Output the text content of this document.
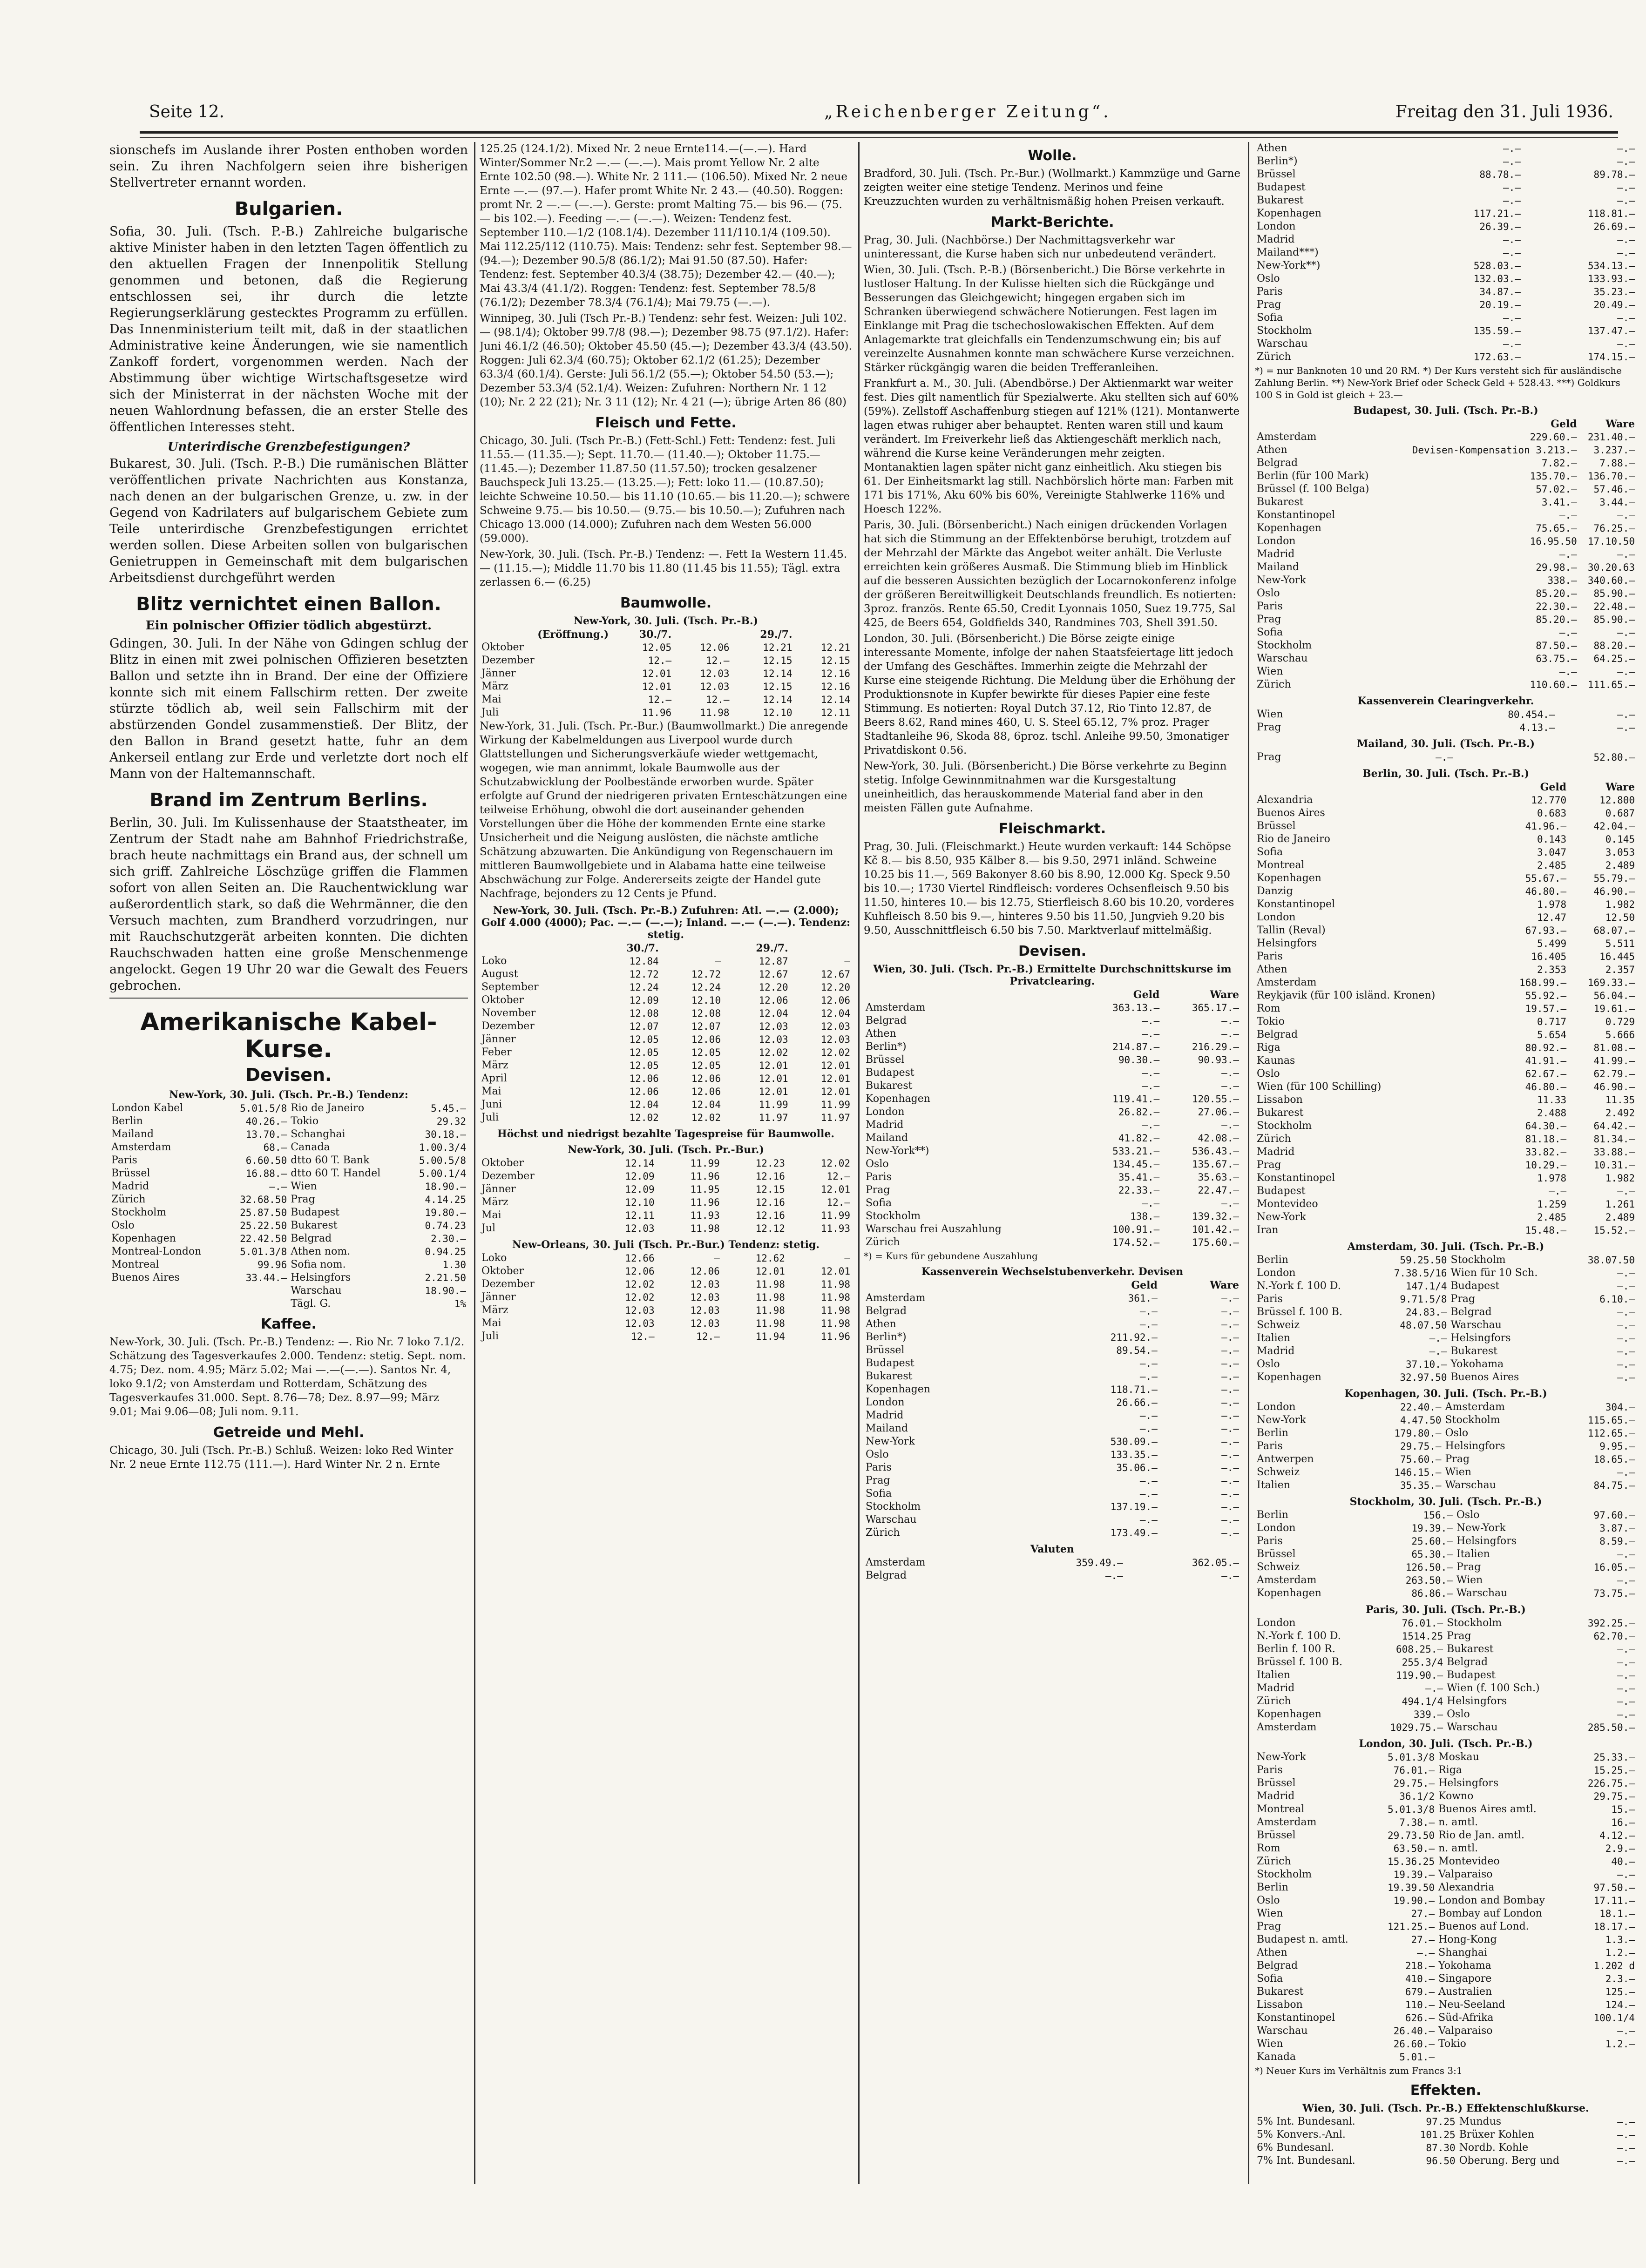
Seite 12.	„Reichenberger Zeitung“.	Freitag den 31. Juli 1936.

sionschefs im Auslande ihrer Posten enthoben worden sein. Zu ihren Nachfolgern seien ihre bisherigen Stellvertreter ernannt worden.

Bulgarien.

Sofia, 30. Juli. (Tsch. P.-B.) Zahlreiche bulgarische aktive Minister haben in den letzten Tagen öffentlich zu den aktuellen Fragen der Innenpolitik Stellung genommen und betonen, daß die Regierung entschlossen sei, ihr durch die letzte Regierungserklärung gestecktes Programm zu erfüllen. Das Innenministerium teilt mit, daß in der staatlichen Administrative keine Änderungen, wie sie namentlich Zankoff fordert, vorgenommen werden. Nach der Abstimmung über wichtige Wirtschaftsgesetze wird sich der Ministerrat in der nächsten Woche mit der neuen Wahlordnung befassen, die an erster Stelle des öffentlichen Interesses steht.

Unterirdische Grenzbefestigungen?

Bukarest, 30. Juli. (Tsch. P.-B.) Die rumänischen Blätter veröffentlichen private Nachrichten aus Konstanza, nach denen an der bulgarischen Grenze, u. zw. in der Gegend von Kadrilaters auf bulgarischem Gebiete zum Teile unterirdische Grenzbefestigungen errichtet werden sollen. Diese Arbeiten sollen von bulgarischen Genietruppen in Gemeinschaft mit dem bulgarischen Arbeitsdienst durchgeführt werden

Blitz vernichtet einen Ballon.
Ein polnischer Offizier tödlich abgestürzt.

Gdingen, 30. Juli. In der Nähe von Gdingen schlug der Blitz in einen mit zwei polnischen Offizieren besetzten Ballon und setzte ihn in Brand. Der eine der Offiziere konnte sich mit einem Fallschirm retten. Der zweite stürzte tödlich ab, weil sein Fallschirm mit der abstürzenden Gondel zusammenstieß. Der Blitz, der den Ballon in Brand gesetzt hatte, fuhr an dem Ankerseil entlang zur Erde und verletzte dort noch elf Mann von der Haltemannschaft.

Brand im Zentrum Berlins.

Berlin, 30. Juli. Im Kulissenhause der Staatstheater, im Zentrum der Stadt nahe am Bahnhof Friedrichstraße, brach heute nachmittags ein Brand aus, der schnell um sich griff. Zahlreiche Löschzüge griffen die Flammen sofort von allen Seiten an. Die Rauchentwicklung war außerordentlich stark, so daß die Wehrmänner, die den Versuch machten, zum Brandherd vorzudringen, nur mit Rauchschutzgerät arbeiten konnten. Die dichten Rauchschwaden hatten eine große Menschenmenge angelockt. Gegen 19 Uhr 20 war die Gewalt des Feuers gebrochen.

Amerikanische Kabel-Kurse.
Devisen.
New-York, 30. Juli. (Tsch. Pr.-B.) Tendenz:
London Kabel	5.01.5/8	Rio de Janeiro	5.45.—
Berlin	40.26.—	Tokio	29.32
Mailand	13.70.—	Schanghai	30.18.—
Amsterdam	68.—	Canada	1.00.3/4
Paris	6.60.50	dtto 60 T. Bank	5.00.5/8
Brüssel	16.88.—	dtto 60 T. Handel	5.00.1/4
Madrid	—.—	Wien	18.90.—
Zürich	32.68.50	Prag	4.14.25
Stockholm	25.87.50	Budapest	19.80.—
Oslo	25.22.50	Bukarest	0.74.23
Kopenhagen	22.42.50	Belgrad	2.30.—
Montreal-London	5.01.3/8	Athen nom.	0.94.25
Montreal	99.96	Sofia nom.	1.30
Buenos Aires	33.44.—	Helsingfors	2.21.50
		Warschau	18.90.—
		Tägl. G.	1%
Kaffee.

New-York, 30. Juli. (Tsch. Pr.-B.) Tendenz: —. Rio Nr. 7 loko 7.1/2. Schätzung des Tagesverkaufes 2.000. Tendenz: stetig. Sept. nom. 4.75; Dez. nom. 4.95; März 5.02; Mai —.—(—.—). Santos Nr. 4, loko 9.1/2; von Amsterdam und Rotterdam, Schätzung des Tagesverkaufes 31.000. Sept. 8.76—78; Dez. 8.97—99; März 9.01; Mai 9.06—08; Juli nom. 9.11.

Getreide und Mehl.

Chicago, 30. Juli (Tsch. Pr.-B.) Schluß. Weizen: loko Red Winter Nr. 2 neue Ernte 112.75 (111.—). Hard Winter Nr. 2 n. Ernte

125.25 (124.1/2). Mixed Nr. 2 neue Ernte114.—(—.—). Hard Winter/Sommer Nr.2 —.— (—.—). Mais promt Yellow Nr. 2 alte Ernte 102.50 (98.—). White Nr. 2 111.— (106.50). Mixed Nr. 2 neue Ernte —.— (97.—). Hafer promt White Nr. 2 43.— (40.50). Roggen: promt Nr. 2 —.— (—.—). Gerste: promt Malting 75.— bis 96.— (75.— bis 102.—). Feeding —.— (—.—). Weizen: Tendenz fest. September 110.—1/2 (108.1/4). Dezember 111/110.1/4 (109.50). Mai 112.25/112 (110.75). Mais: Tendenz: sehr fest. September 98.— (94.—); Dezember 90.5/8 (86.1/2); Mai 91.50 (87.50). Hafer: Tendenz: fest. September 40.3/4 (38.75); Dezember 42.— (40.—); Mai 43.3/4 (41.1/2). Roggen: Tendenz: fest. September 78.5/8 (76.1/2); Dezember 78.3/4 (76.1/4); Mai 79.75 (—.—).

Winnipeg, 30. Juli (Tsch Pr.-B.) Tendenz: sehr fest. Weizen: Juli 102.— (98.1/4); Oktober 99.7/8 (98.—); Dezember 98.75 (97.1/2). Hafer: Juni 46.1/2 (46.50); Oktober 45.50 (45.—); Dezember 43.3/4 (43.50). Roggen: Juli 62.3/4 (60.75); Oktober 62.1/2 (61.25); Dezember 63.3/4 (60.1/4). Gerste: Juli 56.1/2 (55.—); Oktober 54.50 (53.—); Dezember 53.3/4 (52.1/4). Weizen: Zufuhren: Northern Nr. 1 12 (10); Nr. 2 22 (21); Nr. 3 11 (12); Nr. 4 21 (—); übrige Arten 86 (80)

Fleisch und Fette.

Chicago, 30. Juli. (Tsch Pr.-B.) (Fett-Schl.) Fett: Tendenz: fest. Juli 11.55.— (11.35.—); Sept. 11.70.— (11.40.—); Oktober 11.75.— (11.45.—); Dezember 11.87.50 (11.57.50); trocken gesalzener Bauchspeck Juli 13.25.— (13.25.—); Fett: loko 11.— (10.87.50); leichte Schweine 10.50.— bis 11.10 (10.65.— bis 11.20.—); schwere Schweine 9.75.— bis 10.50.— (9.75.— bis 10.50.—); Zufuhren nach Chicago 13.000 (14.000); Zufuhren nach dem Westen 56.000 (59.000).

New-York, 30. Juli. (Tsch. Pr.-B.) Tendenz: —. Fett Ia Western 11.45.— (11.15.—); Middle 11.70 bis 11.80 (11.45 bis 11.55); Tägl. extra zerlassen 6.— (6.25)

Baumwolle.
New-York, 30. Juli. (Tsch. Pr.-B.)
(Eröffnung.)	30./7.		29./7.	
Oktober	12.05	12.06	12.21	12.21
Dezember	12.—	12.—	12.15	12.15
Jänner	12.01	12.03	12.14	12.16
März	12.01	12.03	12.15	12.16
Mai	12.—	12.—	12.14	12.14
Juli	11.96	11.98	12.10	12.11

New-York, 31. Juli. (Tsch. Pr.-Bur.) (Baumwollmarkt.) Die anregende Wirkung der Kabelmeldungen aus Liverpool wurde durch Glattstellungen und Sicherungsverkäufe wieder wettgemacht, wogegen, wie man annimmt, lokale Baumwolle aus der Schutzabwicklung der Poolbestände erworben wurde. Später erfolgte auf Grund der niedrigeren privaten Ernteschätzungen eine teilweise Erhöhung, obwohl die dort auseinander gehenden Vorstellungen über die Höhe der kommenden Ernte eine starke Unsicherheit und die Neigung auslösten, die nächste amtliche Schätzung abzuwarten. Die Ankündigung von Regenschauern im mittleren Baumwollgebiete und in Alabama hatte eine teilweise Abschwächung zur Folge. Andererseits zeigte der Handel gute Nachfrage, bejonders zu 12 Cents je Pfund.

New-York, 30. Juli. (Tsch. Pr.-B.) Zufuhren: Atl. —.— (2.000); Golf 4.000 (4000); Pac. —.— (—.—); Inland. —.— (—.—). Tendenz: stetig.
	30./7.		29./7.	
Loko	12.84	—	12.87	—
August	12.72	12.72	12.67	12.67
September	12.24	12.24	12.20	12.20
Oktober	12.09	12.10	12.06	12.06
November	12.08	12.08	12.04	12.04
Dezember	12.07	12.07	12.03	12.03
Jänner	12.05	12.06	12.03	12.03
Feber	12.05	12.05	12.02	12.02
März	12.05	12.05	12.01	12.01
April	12.06	12.06	12.01	12.01
Mai	12.06	12.06	12.01	12.01
Juni	12.04	12.04	11.99	11.99
Juli	12.02	12.02	11.97	11.97
Höchst und niedrigst bezahlte Tagespreise für Baumwolle.
New-York, 30. Juli. (Tsch. Pr.-Bur.)
Oktober	12.14	11.99	12.23	12.02
Dezember	12.09	11.96	12.16	12.—
Jänner	12.09	11.95	12.15	12.01
März	12.10	11.96	12.16	12.—
Mai	12.11	11.93	12.16	11.99
Jul	12.03	11.98	12.12	11.93
New-Orleans, 30. Juli (Tsch. Pr.-Bur.) Tendenz: stetig.
Loko	12.66	—	12.62	—
Oktober	12.06	12.06	12.01	12.01
Dezember	12.02	12.03	11.98	11.98
Jänner	12.02	12.03	11.98	11.98
März	12.03	12.03	11.98	11.98
Mai	12.03	12.03	11.98	11.98
Juli	12.—	12.—	11.94	11.96
Wolle.

Bradford, 30. Juli. (Tsch. Pr.-Bur.) (Wollmarkt.) Kammzüge und Garne zeigten weiter eine stetige Tendenz. Merinos und feine Kreuzzuchten wurden zu verhältnismäßig hohen Preisen verkauft.

Markt-Berichte.

Prag, 30. Juli. (Nachbörse.) Der Nachmittagsverkehr war uninteressant, die Kurse haben sich nur unbedeutend verändert.

Wien, 30. Juli. (Tsch. P.-B.) (Börsenbericht.) Die Börse verkehrte in lustloser Haltung. In der Kulisse hielten sich die Rückgänge und Besserungen das Gleichgewicht; hingegen ergaben sich im Schranken überwiegend schwächere Notierungen. Fest lagen im Einklange mit Prag die tschechoslowakischen Effekten. Auf dem Anlagemarkte trat gleichfalls ein Tendenzumschwung ein; bis auf vereinzelte Ausnahmen konnte man schwächere Kurse verzeichnen. Stärker rückgängig waren die beiden Trefferanleihen.

Frankfurt a. M., 30. Juli. (Abendbörse.) Der Aktienmarkt war weiter fest. Dies gilt namentlich für Spezialwerte. Aku stellten sich auf 60% (59%). Zellstoff Aschaffenburg stiegen auf 121% (121). Montanwerte lagen etwas ruhiger aber behauptet. Renten waren still und kaum verändert. Im Freiverkehr ließ das Aktiengeschäft merklich nach, während die Kurse keine Veränderungen mehr zeigten. Montanaktien lagen später nicht ganz einheitlich. Aku stiegen bis 61. Der Einheitsmarkt lag still. Nachbörslich hörte man: Farben mit 171 bis 171%, Aku 60% bis 60%, Vereinigte Stahlwerke 116% und Hoesch 122%.

Paris, 30. Juli. (Börsenbericht.) Nach einigen drückenden Vorlagen hat sich die Stimmung an der Effektenbörse beruhigt, trotzdem auf der Mehrzahl der Märkte das Angebot weiter anhält. Die Verluste erreichten kein größeres Ausmaß. Die Stimmung blieb im Hinblick auf die besseren Aussichten bezüglich der Locarnokonferenz infolge der größeren Bereitwilligkeit Deutschlands freundlich. Es notierten: 3proz. französ. Rente 65.50, Credit Lyonnais 1050, Suez 19.775, Sal 425, de Beers 654, Goldfields 340, Randmines 703, Shell 391.50.

London, 30. Juli. (Börsenbericht.) Die Börse zeigte einige interessante Momente, infolge der nahen Staatsfeiertage litt jedoch der Umfang des Geschäftes. Immerhin zeigte die Mehrzahl der Kurse eine steigende Richtung. Die Meldung über die Erhöhung der Produktionsnote in Kupfer bewirkte für dieses Papier eine feste Stimmung. Es notierten: Royal Dutch 37.12, Rio Tinto 12.87, de Beers 8.62, Rand mines 460, U. S. Steel 65.12, 7% proz. Prager Stadtanleihe 96, Skoda 88, 6proz. tschl. Anleihe 99.50, 3monatiger Privatdiskont 0.56.

New-York, 30. Juli. (Börsenbericht.) Die Börse verkehrte zu Beginn stetig. Infolge Gewinnmitnahmen war die Kursgestaltung uneinheitlich, das herauskommende Material fand aber in den meisten Fällen gute Aufnahme.

Fleischmarkt.

Prag, 30. Juli. (Fleischmarkt.) Heute wurden verkauft: 144 Schöpse Kč 8.— bis 8.50, 935 Kälber 8.— bis 9.50, 2971 inländ. Schweine 10.25 bis 11.—, 569 Bakonyer 8.60 bis 8.90, 12.000 Kg. Speck 9.50 bis 10.—; 1730 Viertel Rindfleisch: vorderes Ochsenfleisch 9.50 bis 11.50, hinteres 10.— bis 12.75, Stierfleisch 8.60 bis 10.20, vorderes Kuhfleisch 8.50 bis 9.—, hinteres 9.50 bis 11.50, Jungvieh 9.20 bis 9.50, Ausschnittfleisch 6.50 bis 7.50. Marktverlauf mittelmäßig.

Devisen.
Wien, 30. Juli. (Tsch. Pr.-B.) Ermittelte Durchschnittskurse im Privatclearing.
	Geld	Ware
Amsterdam	363.13.—	365.17.—
Belgrad	—.—	—.—
Athen	—.—	—.—
Berlin*)	214.87.—	216.29.—
Brüssel	90.30.—	90.93.—
Budapest	—.—	—.—
Bukarest	—.—	—.—
Kopenhagen	119.41.—	120.55.—
London	26.82.—	27.06.—
Madrid	—.—	—.—
Mailand	41.82.—	42.08.—
New-York**)	533.21.—	536.43.—
Oslo	134.45.—	135.67.—
Paris	35.41.—	35.63.—
Prag	22.33.—	22.47.—
Sofia	—.—	—.—
Stockholm	138.—	139.32.—
Warschau frei Auszahlung	100.91.—	101.42.—
Zürich	174.52.—	175.60.—
*) = Kurs für gebundene Auszahlung
Kassenverein Wechselstubenverkehr. Devisen
	Geld	Ware
Amsterdam	361.—	—.—
Belgrad	—.—	—.—
Athen	—.—	—.—
Berlin*)	211.92.—	—.—
Brüssel	89.54.—	—.—
Budapest	—.—	—.—
Bukarest	—.—	—.—
Kopenhagen	118.71.—	—.—
London	26.66.—	—.—
Madrid	—.—	—.—
Mailand	—.—	—.—
New-York	530.09.—	—.—
Oslo	133.35.—	—.—
Paris	35.06.—	—.—
Prag	—.—	—.—
Sofia	—.—	—.—
Stockholm	137.19.—	—.—
Warschau	—.—	—.—
Zürich	173.49.—	—.—
Valuten
Amsterdam	359.49.—	362.05.—
Belgrad	—.—	—.—
Athen	—.—	—.—
Berlin*)	—.—	—.—
Brüssel	88.78.—	89.78.—
Budapest	—.—	—.—
Bukarest	—.—	—.—
Kopenhagen	117.21.—	118.81.—
London	26.39.—	26.69.—
Madrid	—.—	—.—
Mailand***)	—.—	—.—
New-York**)	528.03.—	534.13.—
Oslo	132.03.—	133.93.—
Paris	34.87.—	35.23.—
Prag	20.19.—	20.49.—
Sofia	—.—	—.—
Stockholm	135.59.—	137.47.—
Warschau	—.—	—.—
Zürich	172.63.—	174.15.—
*) = nur Banknoten 10 und 20 RM. *) Der Kurs versteht sich für ausländische Zahlung Berlin. **) New-York Brief oder Scheck Geld + 528.43. ***) Goldkurs 100 S in Gold ist gleich + 23.—
Budapest, 30. Juli. (Tsch. Pr.-B.)
	Geld	Ware
Amsterdam	229.60.—	231.40.—
Athen	Devisen-Kompensation 3.213.—	3.237.—
Belgrad	7.82.—	7.88.—
Berlin (für 100 Mark)	135.70.—	136.70.—
Brüssel (f. 100 Belga)	57.02.—	57.46.—
Bukarest	3.41.—	3.44.—
Konstantinopel	—.—	—.—
Kopenhagen	75.65.—	76.25.—
London	16.95.50	17.10.50
Madrid	—.—	—.—
Mailand	29.98.—	30.20.63
New-York	338.—	340.60.—
Oslo	85.20.—	85.90.—
Paris	22.30.—	22.48.—
Prag	85.20.—	85.90.—
Sofia	—.—	—.—
Stockholm	87.50.—	88.20.—
Warschau	63.75.—	64.25.—
Wien	—.—	—.—
Zürich	110.60.—	111.65.—
Kassenverein Clearingverkehr.
Wien	80.454.—	—.—
Prag	4.13.—	—.—
Mailand, 30. Juli. (Tsch. Pr.-B.)
Prag	—.—	52.80.—
Berlin, 30. Juli. (Tsch. Pr.-B.)
	Geld	Ware
Alexandria	12.770	12.800
Buenos Aires	0.683	0.687
Brüssel	41.96.—	42.04.—
Rio de Janeiro	0.143	0.145
Sofia	3.047	3.053
Montreal	2.485	2.489
Kopenhagen	55.67.—	55.79.—
Danzig	46.80.—	46.90.—
Konstantinopel	1.978	1.982
London	12.47	12.50
Tallin (Reval)	67.93.—	68.07.—
Helsingfors	5.499	5.511
Paris	16.405	16.445
Athen	2.353	2.357
Amsterdam	168.99.—	169.33.—
Reykjavik (für 100 isländ. Kronen)	55.92.—	56.04.—
Rom	19.57.—	19.61.—
Tokio	0.717	0.729
Belgrad	5.654	5.666
Riga	80.92.—	81.08.—
Kaunas	41.91.—	41.99.—
Oslo	62.67.—	62.79.—
Wien (für 100 Schilling)	46.80.—	46.90.—
Lissabon	11.33	11.35
Bukarest	2.488	2.492
Stockholm	64.30.—	64.42.—
Zürich	81.18.—	81.34.—
Madrid	33.82.—	33.88.—
Prag	10.29.—	10.31.—
Konstantinopel	1.978	1.982
Budapest	—.—	—.—
Montevideo	1.259	1.261
New-York	2.485	2.489
Iran	15.48.—	15.52.—
Amsterdam, 30. Juli. (Tsch. Pr.-B.)
Berlin	59.25.50	Stockholm	38.07.50
London	7.38.5/16	Wien für 10 Sch.	—.—
N.-York f. 100 D.	147.1/4	Budapest	—.—
Paris	9.71.5/8	Prag	6.10.—
Brüssel f. 100 B.	24.83.—	Belgrad	—.—
Schweiz	48.07.50	Warschau	—.—
Italien	—.—	Helsingfors	—.—
Madrid	—.—	Bukarest	—.—
Oslo	37.10.—	Yokohama	—.—
Kopenhagen	32.97.50	Buenos Aires	—.—
Kopenhagen, 30. Juli. (Tsch. Pr.-B.)
London	22.40.—	Amsterdam	304.—
New-York	4.47.50	Stockholm	115.65.—
Berlin	179.80.—	Oslo	112.65.—
Paris	29.75.—	Helsingfors	9.95.—
Antwerpen	75.60.—	Prag	18.65.—
Schweiz	146.15.—	Wien	—.—
Italien	35.35.—	Warschau	84.75.—
Stockholm, 30. Juli. (Tsch. Pr.-B.)
Berlin	156.—	Oslo	97.60.—
London	19.39.—	New-York	3.87.—
Paris	25.60.—	Helsingfors	8.59.—
Brüssel	65.30.—	Italien	—.—
Schweiz	126.50.—	Prag	16.05.—
Amsterdam	263.50.—	Wien	—.—
Kopenhagen	86.86.—	Warschau	73.75.—
Paris, 30. Juli. (Tsch. Pr.-B.)
London	76.01.—	Stockholm	392.25.—
N.-York f. 100 D.	1514.25	Prag	62.70.—
Berlin f. 100 R.	608.25.—	Bukarest	—.—
Brüssel f. 100 B.	255.3/4	Belgrad	—.—
Italien	119.90.—	Budapest	—.—
Madrid	—.—	Wien (f. 100 Sch.)	—.—
Zürich	494.1/4	Helsingfors	—.—
Kopenhagen	339.—	Oslo	—.—
Amsterdam	1029.75.—	Warschau	285.50.—
London, 30. Juli. (Tsch. Pr.-B.)
New-York	5.01.3/8	Moskau	25.33.—
Paris	76.01.—	Riga	15.25.—
Brüssel	29.75.—	Helsingfors	226.75.—
Madrid	36.1/2	Kowno	29.75.—
Montreal	5.01.3/8	Buenos Aires amtl.	15.—
Amsterdam	7.38.—	n. amtl.	16.—
Brüssel	29.73.50	Rio de Jan. amtl.	4.12.—
Rom	63.50.—	n. amtl.	2.9.—
Zürich	15.36.25	Montevideo	40.—
Stockholm	19.39.—	Valparaiso	—.—
Berlin	19.39.50	Alexandria	97.50.—
Oslo	19.90.—	London and Bombay	17.11.—
Wien	27.—	Bombay auf London	18.1.—
Prag	121.25.—	Buenos auf Lond.	18.17.—
Budapest n. amtl.	27.—	Hong-Kong	1.3.—
Athen	—.—	Shanghai	1.2.—
Belgrad	218.—	Yokohama	1.202 d
Sofia	410.—	Singapore	2.3.—
Bukarest	679.—	Australien	125.—
Lissabon	110.—	Neu-Seeland	124.—
Konstantinopel	626.—	Süd-Afrika	100.1/4
Warschau	26.40.—	Valparaiso	—.—
Wien	26.60.—	Tokio	1.2.—
Kanada	5.01.—		
*) Neuer Kurs im Verhältnis zum Francs 3:1
Effekten.
Wien, 30. Juli. (Tsch. Pr.-B.) Effektenschlußkurse.
5% Int. Bundesanl.	97.25	Mundus	—.—
5% Konvers.-Anl.	101.25	Brüxer Kohlen	—.—
6% Bundesanl.	87.30	Nordb. Kohle	—.—
7% Int. Bundesanl.	96.50	Oberung. Berg und	—.—
